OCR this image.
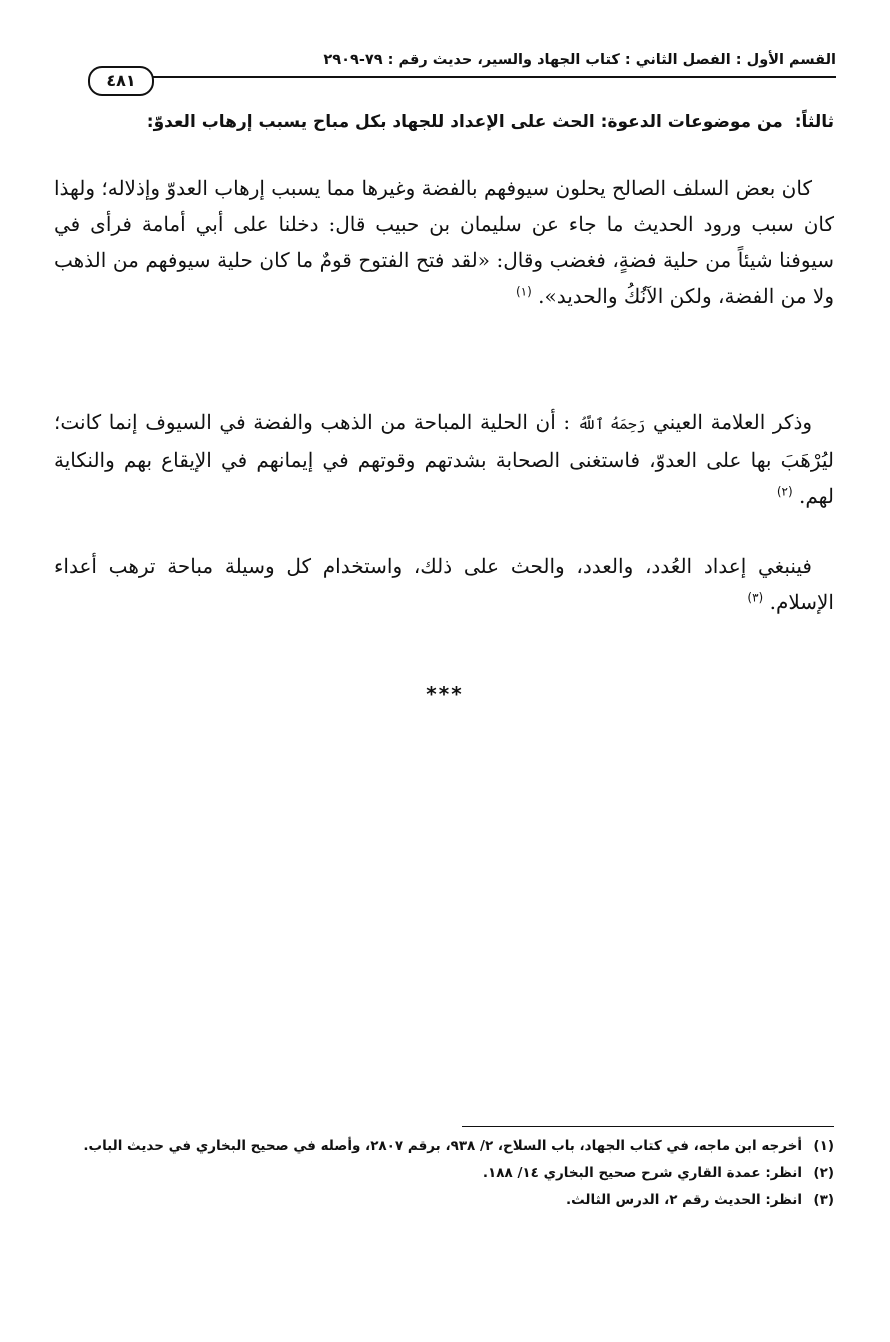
القسم الأول : الفصل الثاني : كتاب الجهاد والسير، حديث رقم : ٧٩-٢٩٠٩
٤٨١
ثالثاً: من موضوعات الدعوة: الحث على الإعداد للجهاد بكل مباح يسبب إرهاب العدوّ:

كان بعض السلف الصالح يحلون سيوفهم بالفضة وغيرها مما يسبب إرهاب العدوّ وإذلاله؛ ولهذا كان سبب ورود الحديث ما جاء عن سليمان بن حبيب قال: دخلنا على أبي أمامة فرأى في سيوفنا شيئاً من حلية فضةٍ، فغضب وقال: «لقد فتح الفتوح قومٌ ما كان حلية سيوفهم من الذهب ولا من الفضة، ولكن الآنُكُ والحديد». $^{(١)}$

وذكر العلامة العيني رَحِمَهُ ٱللَّهُ : أن الحلية المباحة من الذهب والفضة في السيوف إنما كانت؛ ليُرْهَبَ بها على العدوّ، فاستغنى الصحابة بشدتهم وقوتهم في إيمانهم في الإيقاع بهم والنكاية لهم. $^{(٢)}$

فينبغي إعداد العُدد، والعدد، والحث على ذلك، واستخدام كل وسيلة مباحة ترهب أعداء الإسلام. $^{(٣)}$

***
(١)
أخرجه ابن ماجه، في كتاب الجهاد، باب السلاح، ٢/ ٩٣٨، برقم ٢٨٠٧، وأصله في صحيح البخاري في حديث الباب.
(٢)
انظر: عمدة القاري شرح صحيح البخاري ١٤/ ١٨٨.
(٣)
انظر: الحديث رقم ٢، الدرس الثالث.
